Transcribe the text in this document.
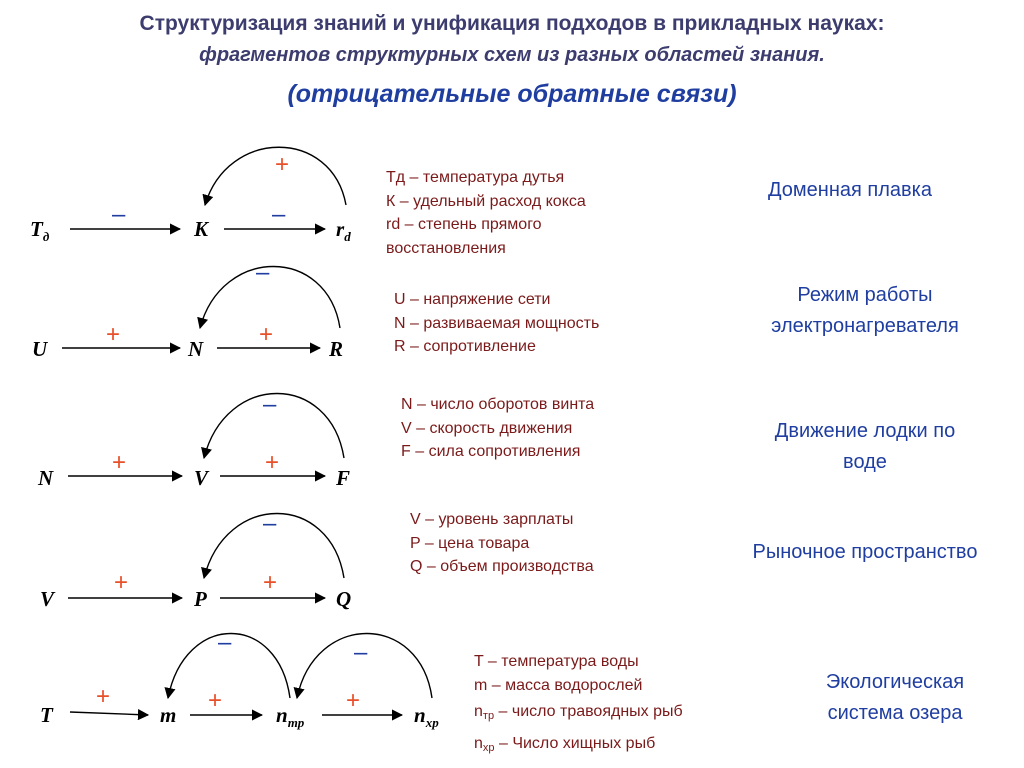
Структуризация знаний и унификация подходов в прикладных науках:
фрагментов структурных схем из разных областей знания.
(отрицательные обратные связи)
$T_д$
–
K
–
$r_d$
+
U
+
N
+
R
–
N
+
V
+
F
–
V
+
P
+
Q
–
T
+
m
+
$n_{тр}$
+
$n_{хр}$
–	–
Тд – температура дутья
К – удельный расход кокса
rd – степень прямого
восстановления
U – напряжение сети
N – развиваемая мощность
R – сопротивление
N – число оборотов винта
V – скорость движения
F – сила сопротивления
V – уровень зарплаты
P – цена товара
Q – объем производства
T – температура воды
m – масса водорослей
$n_{тр}$ – число травоядных рыб
$n_{хр}$ – Число хищных рыб
Доменная плавка
Режим работы
электронагревателя
Движение лодки по
воде
Рыночное пространство
Экологическая
система озера
